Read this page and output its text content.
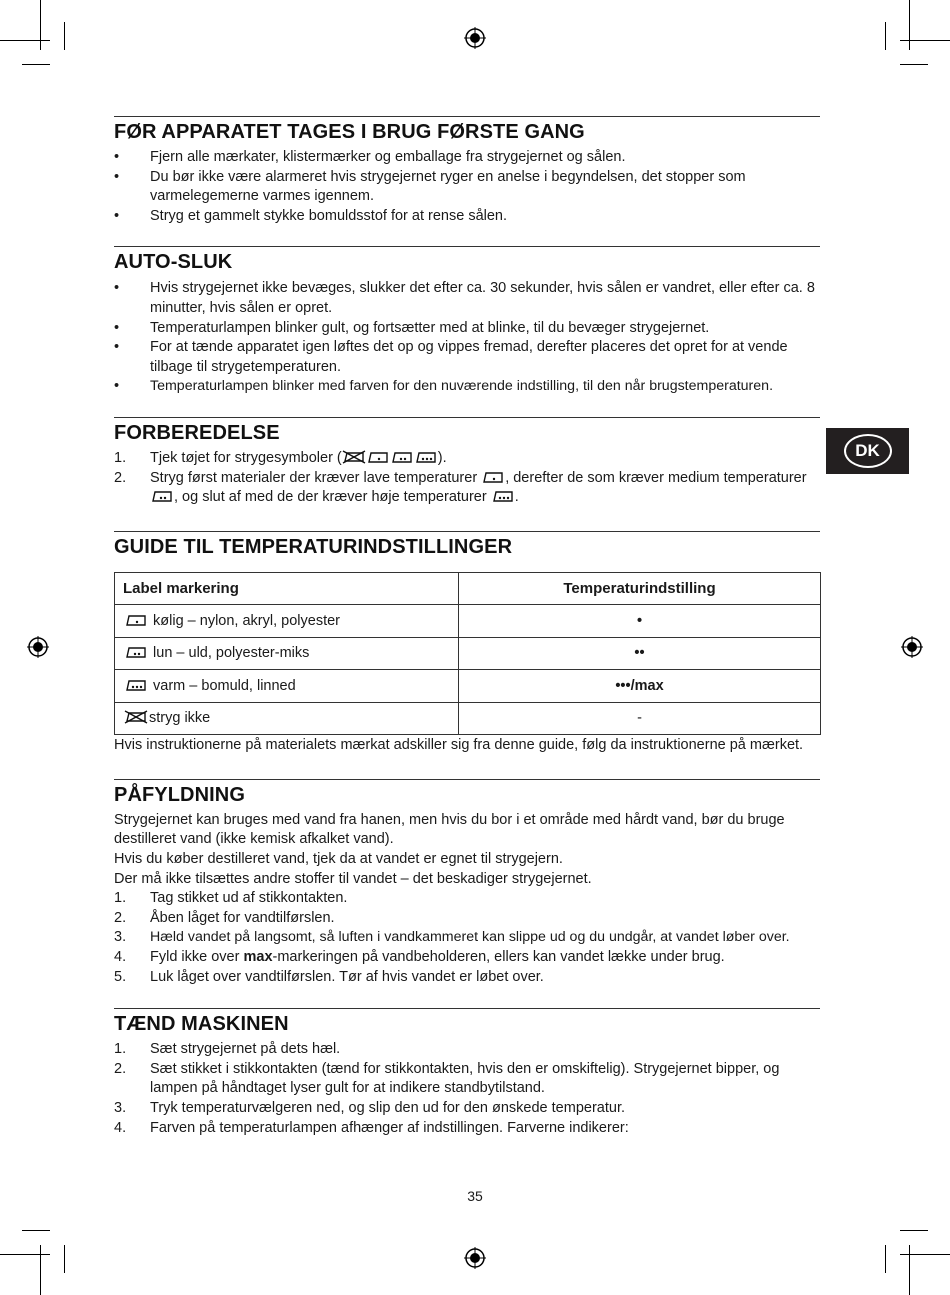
DK
FØR APPARATET TAGES I BRUG FØRSTE GANG
•	Fjern alle mærkater, klistermærker og emballage fra strygejernet og sålen.
•	Du bør ikke være alarmeret hvis strygejernet ryger en anelse i begyndelsen, det stopper som varmelegemerne varmes igennem.
•	Stryg et gammelt stykke bomuldsstof for at rense sålen.
AUTO-SLUK
•	Hvis strygejernet ikke bevæges, slukker det efter ca. 30 sekunder, hvis sålen er vandret, eller efter ca. 8 minutter, hvis sålen er opret.
•	Temperaturlampen blinker gult, og fortsætter med at blinke, til du bevæger strygejernet.
•	For at tænde apparatet igen løftes det op og vippes fremad, derefter placeres det opret for at vende tilbage til strygetemperaturen.
•	Temperaturlampen blinker med farven for den nuværende indstilling, til den når brugstemperaturen.
FORBEREDELSE
1.	Tjek tøjet for strygesymboler (	).
2.	Stryg først materialer der kræver lave temperaturer , derefter de som kræver medium temperaturer , og slut af med de der kræver høje temperaturer .
GUIDE TIL TEMPERATURINDSTILLINGER
Label markering	Temperaturindstilling
kølig – nylon, akryl, polyester	•
lun – uld, polyester-miks	••
varm – bomuld, linned	•••/max
stryg ikke	-

Hvis instruktionerne på materialets mærkat adskiller sig fra denne guide, følg da instruktionerne på mærket.

PÅFYLDNING

Strygejernet kan bruges med vand fra hanen, men hvis du bor i et område med hårdt vand, bør du bruge destilleret vand (ikke kemisk afkalket vand).

Hvis du køber destilleret vand, tjek da at vandet er egnet til strygejern.

Der må ikke tilsættes andre stoffer til vandet – det beskadiger strygejernet.

1.	Tag stikket ud af stikkontakten.
2.	Åben låget for vandtilførslen.
3.	Hæld vandet på langsomt, så luften i vandkammeret kan slippe ud og du undgår, at vandet løber over.
4.	Fyld ikke over max-markeringen på vandbeholderen, ellers kan vandet lække under brug.
5.	Luk låget over vandtilførslen. Tør af hvis vandet er løbet over.
TÆND MASKINEN
1.	Sæt strygejernet på dets hæl.
2.	Sæt stikket i stikkontakten (tænd for stikkontakten, hvis den er omskiftelig). Strygejernet bipper, og lampen på håndtaget lyser gult for at indikere standbytilstand.
3.	Tryk temperaturvælgeren ned, og slip den ud for den ønskede temperatur.
4.	Farven på temperaturlampen afhænger af indstillingen. Farverne indikerer:
35
